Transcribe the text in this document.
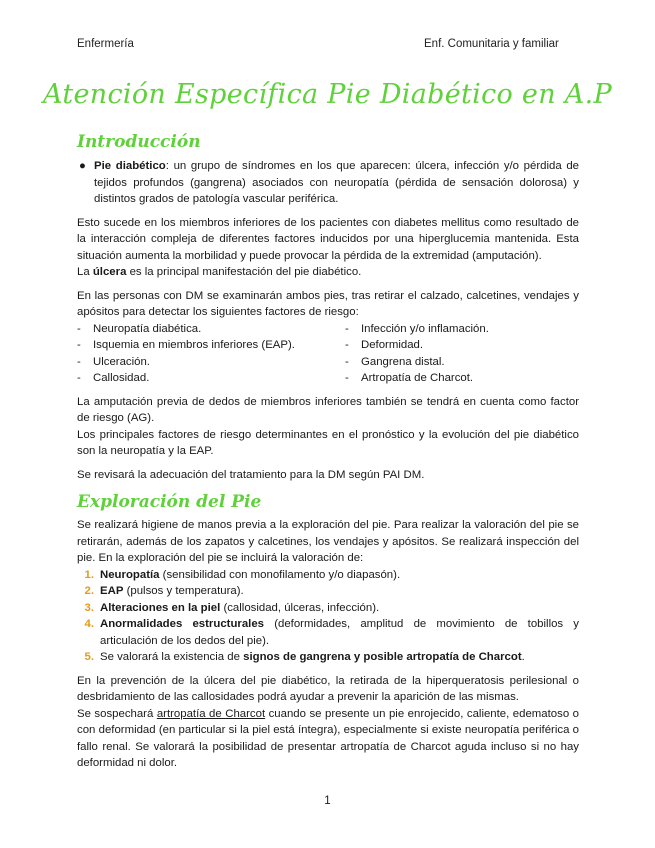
Enfermería	Enf. Comunitaria y familiar
Atención Específica Pie Diabético en A.P
Introducción
● Pie diabético: un grupo de síndromes en los que aparecen: úlcera, infección y/o pérdida de tejidos profundos (gangrena) asociados con neuropatía (pérdida de sensación dolorosa) y distintos grados de patología vascular periférica.

Esto sucede en los miembros inferiores de los pacientes con diabetes mellitus como resultado de la interacción compleja de diferentes factores inducidos por una hiperglucemia mantenida. Esta situación aumenta la morbilidad y puede provocar la pérdida de la extremidad (amputación).

La úlcera es la principal manifestación del pie diabético.

En las personas con DM se examinarán ambos pies, tras retirar el calzado, calcetines, vendajes y apósitos para detectar los siguientes factores de riesgo:

-	Neuropatía diabética.
-	Isquemia en miembros inferiores (EAP).
-	Ulceración.
-	Callosidad.
-	Infección y/o inflamación.
-	Deformidad.
-	Gangrena distal.
-	Artropatía de Charcot.

La amputación previa de dedos de miembros inferiores también se tendrá en cuenta como factor de riesgo (AG).

Los principales factores de riesgo determinantes en el pronóstico y la evolución del pie diabético son la neuropatía y la EAP.

Se revisará la adecuación del tratamiento para la DM según PAI DM.

Exploración del Pie

Se realizará higiene de manos previa a la exploración del pie. Para realizar la valoración del pie se retirarán, además de los zapatos y calcetines, los vendajes y apósitos. Se realizará inspección del pie. En la exploración del pie se incluirá la valoración de:

1. Neuropatía (sensibilidad con monofilamento y/o diapasón).
2. EAP (pulsos y temperatura).
3. Alteraciones en la piel (callosidad, úlceras, infección).
4. Anormalidades estructurales (deformidades, amplitud de movimiento de tobillos y articulación de los dedos del pie).
5. Se valorará la existencia de signos de gangrena y posible artropatía de Charcot.

En la prevención de la úlcera del pie diabético, la retirada de la hiperqueratosis perilesional o desbridamiento de las callosidades podrá ayudar a prevenir la aparición de las mismas.

Se sospechará artropatía de Charcot cuando se presente un pie enrojecido, caliente, edematoso o con deformidad (en particular si la piel está íntegra), especialmente si existe neuropatía periférica o fallo renal. Se valorará la posibilidad de presentar artropatía de Charcot aguda incluso si no hay deformidad ni dolor.

1
